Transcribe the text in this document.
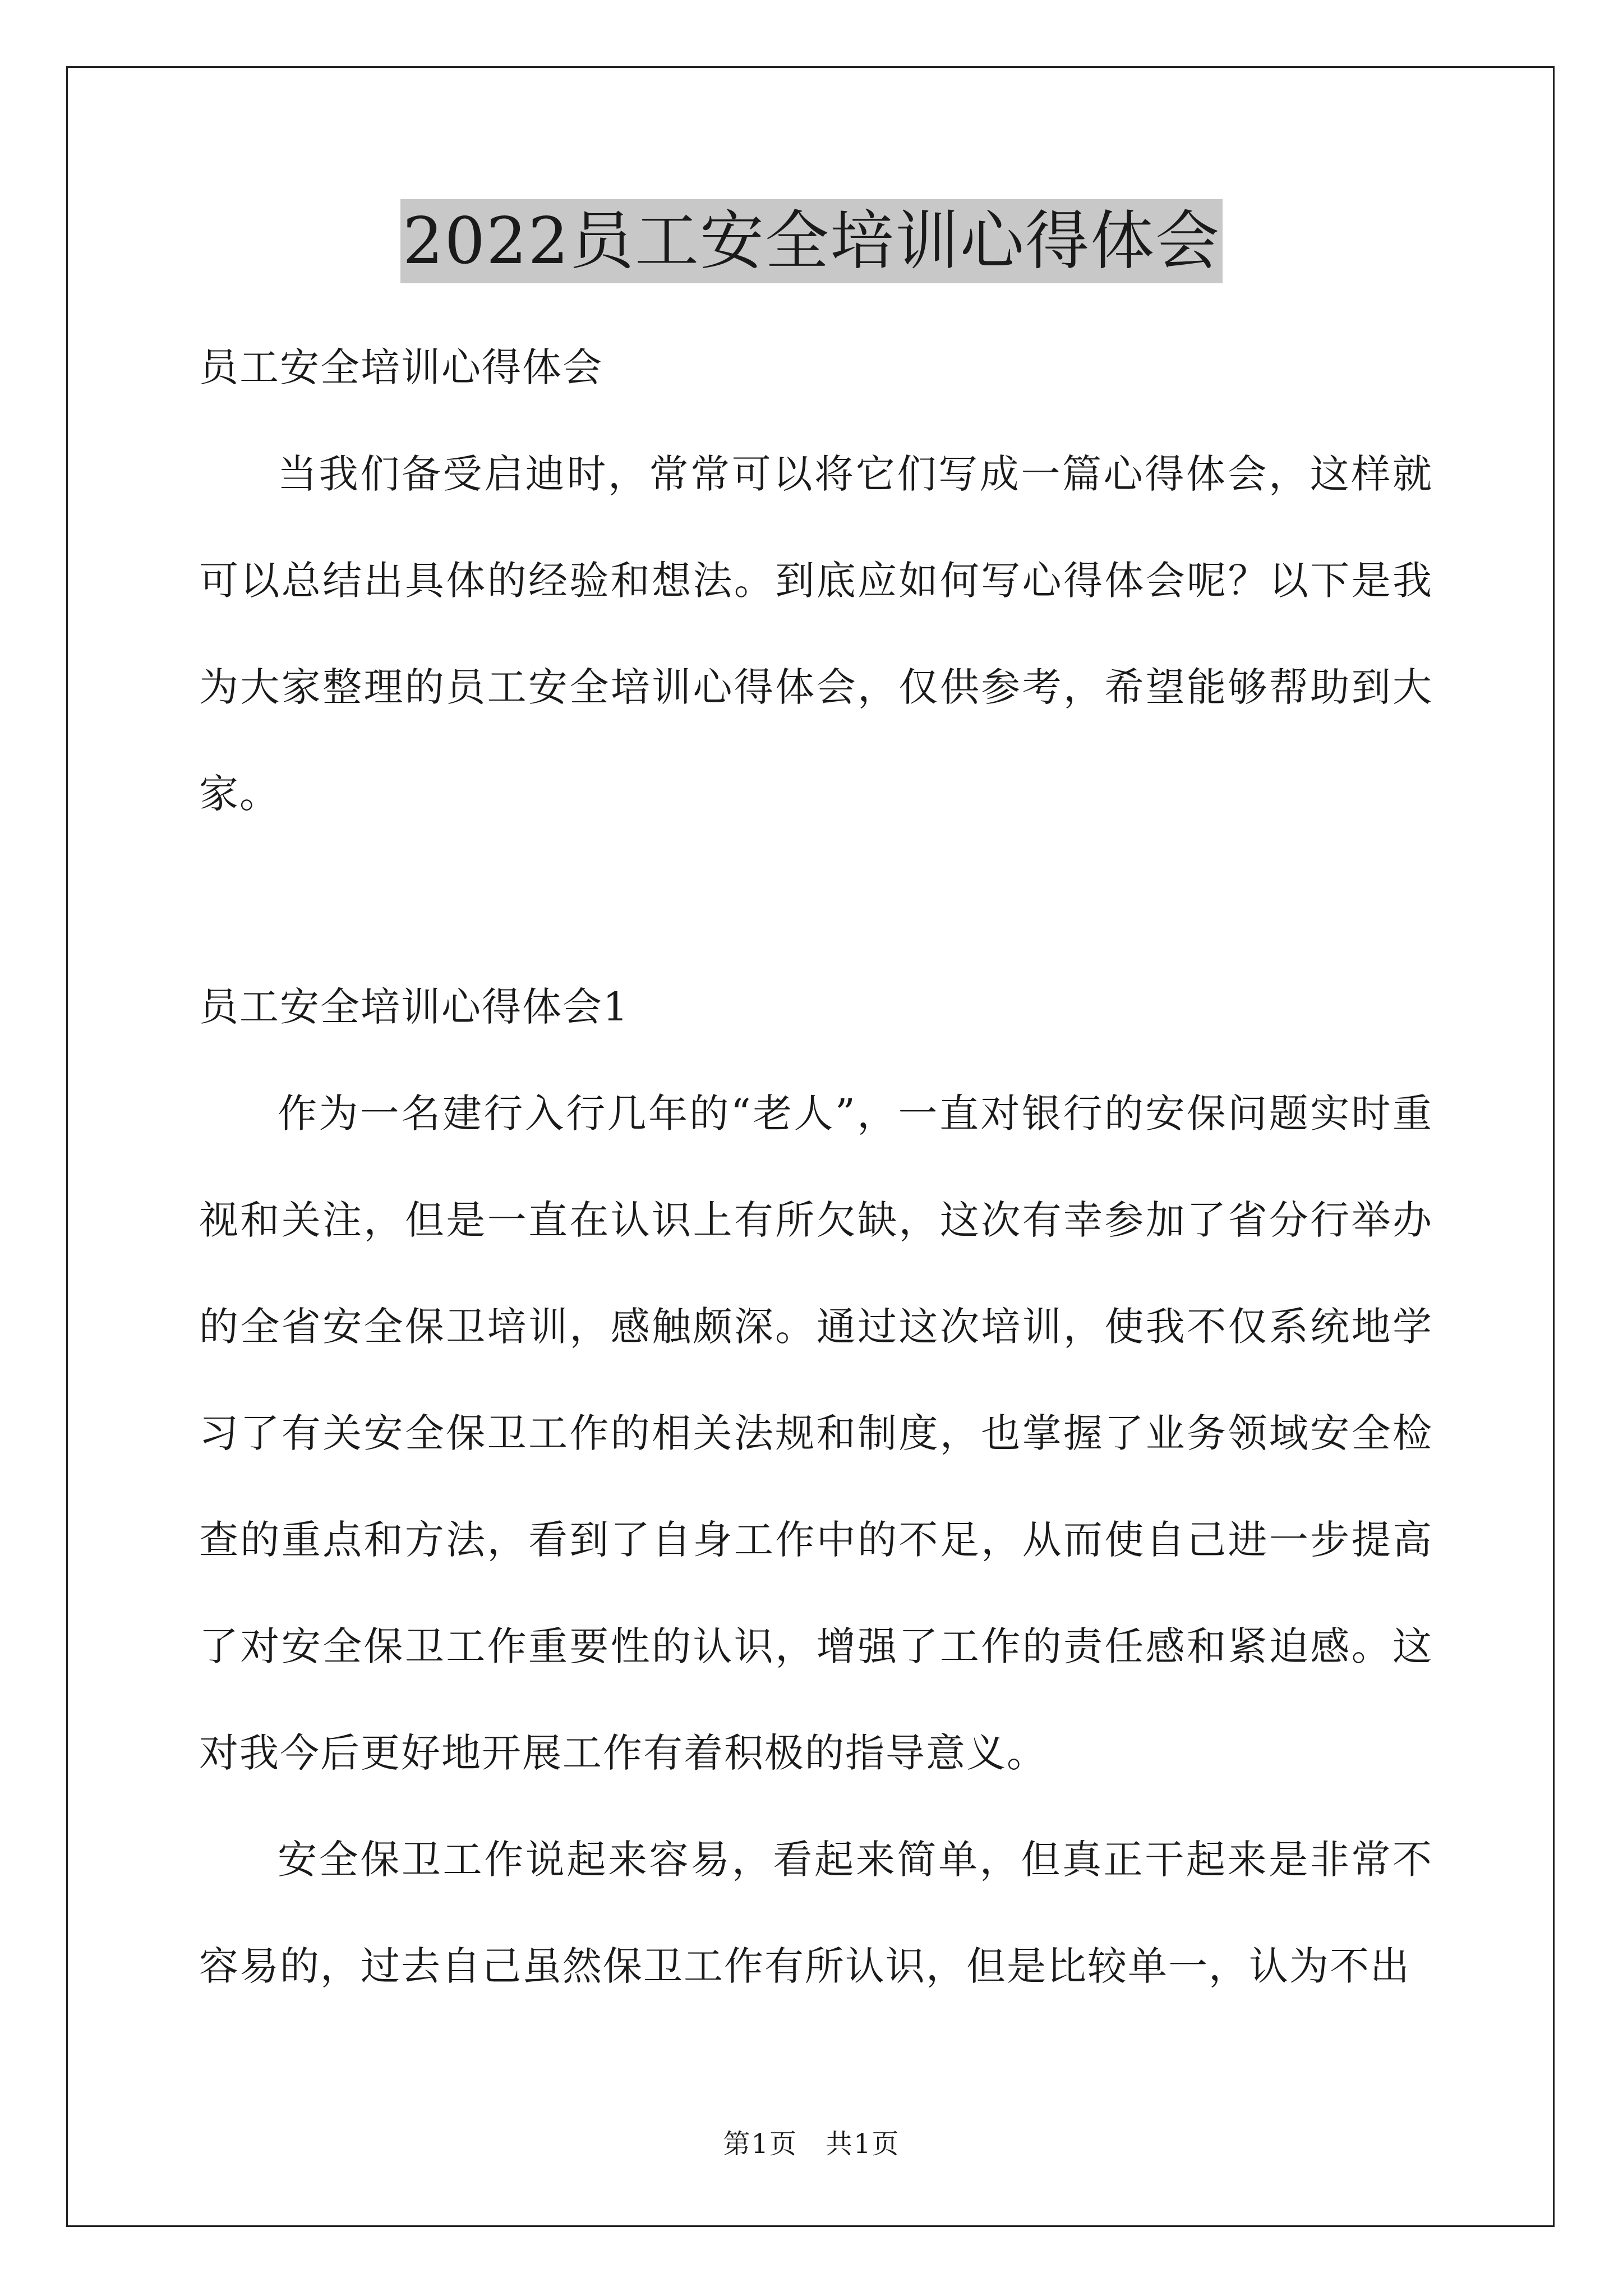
2022员工安全培训心得体会

员工安全培训心得体会

当我们备受启迪时，常常可以将它们写成一篇心得体会，这样就可以总结出具体的经验和想法。到底应如何写心得体会呢？以下是我为大家整理的员工安全培训心得体会，仅供参考，希望能够帮助到大家。

员工安全培训心得体会1

作为一名建行入行几年的“老人”，一直对银行的安保问题实时重视和关注，但是一直在认识上有所欠缺，这次有幸参加了省分行举办的全省安全保卫培训，感触颇深。通过这次培训，使我不仅系统地学习了有关安全保卫工作的相关法规和制度，也掌握了业务领域安全检查的重点和方法，看到了自身工作中的不足，从而使自己进一步提高了对安全保卫工作重要性的认识，增强了工作的责任感和紧迫感。这对我今后更好地开展工作有着积极的指导意义。

安全保卫工作说起来容易，看起来简单，但真正干起来是非常不容易的，过去自己虽然保卫工作有所认识，但是比较单一，认为不出

第1页 共1页
